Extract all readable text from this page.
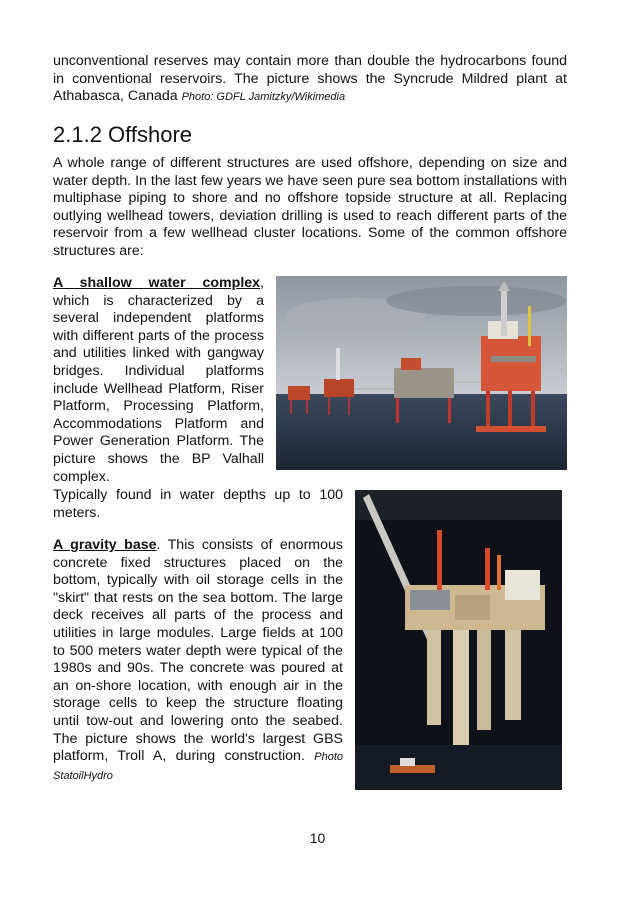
unconventional reserves may contain more than double the hydrocarbons found in conventional reservoirs. The picture shows the Syncrude Mildred plant at Athabasca, Canada Photo: GDFL Jamitzky/Wikimedia

2.1.2 Offshore

A whole range of different structures are used offshore, depending on size and water depth. In the last few years we have seen pure sea bottom installations with multiphase piping to shore and no offshore topside structure at all. Replacing outlying wellhead towers, deviation drilling is used to reach different parts of the reservoir from a few wellhead cluster locations. Some of the common offshore structures are:

A shallow water complex, which is characterized by a several independent platforms with different parts of the process and utilities linked with gangway bridges. Individual platforms include Wellhead Platform, Riser Platform, Processing Platform, Accommodations Platform and Power Generation Platform. The picture shows the BP Valhall complex.

Typically found in water depths up to 100 meters.

A gravity base. This consists of enormous concrete fixed structures placed on the bottom, typically with oil storage cells in the "skirt" that rests on the sea bottom. The large deck receives all parts of the process and utilities in large modules. Large fields at 100 to 500 meters water depth were typical of the 1980s and 90s. The concrete was poured at an on-shore location, with enough air in the storage cells to keep the structure floating until tow-out and lowering onto the seabed. The picture shows the world's largest GBS platform, Troll A, during construction. Photo StatoilHydro

10
